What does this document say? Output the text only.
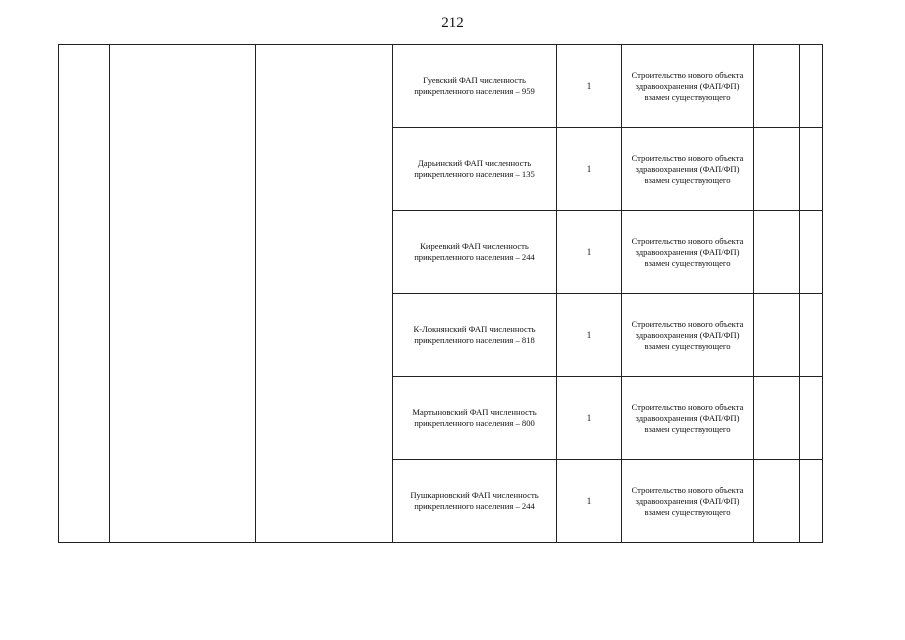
212

			Гуевский ФАП численность прикрепленного населения – 959	1	Строительство нового объекта здравоохранения (ФАП/ФП) взамен существующего		

			Дарьинский ФАП численность прикрепленного населения – 135	1	Строительство нового объекта здравоохранения (ФАП/ФП) взамен существующего		

			Киреевкий ФАП численность прикрепленного населения – 244	1	Строительство нового объекта здравоохранения (ФАП/ФП) взамен существующего		

			К-Локнянский ФАП численность прикрепленного населения – 818	1	Строительство нового объекта здравоохранения (ФАП/ФП) взамен существующего		

			Мартыновский ФАП численность прикрепленного населения – 800	1	Строительство нового объекта здравоохранения (ФАП/ФП) взамен существующего		

			Пушкарновский ФАП численность прикрепленного населения – 244	1	Строительство нового объекта здравоохранения (ФАП/ФП) взамен существующего		
